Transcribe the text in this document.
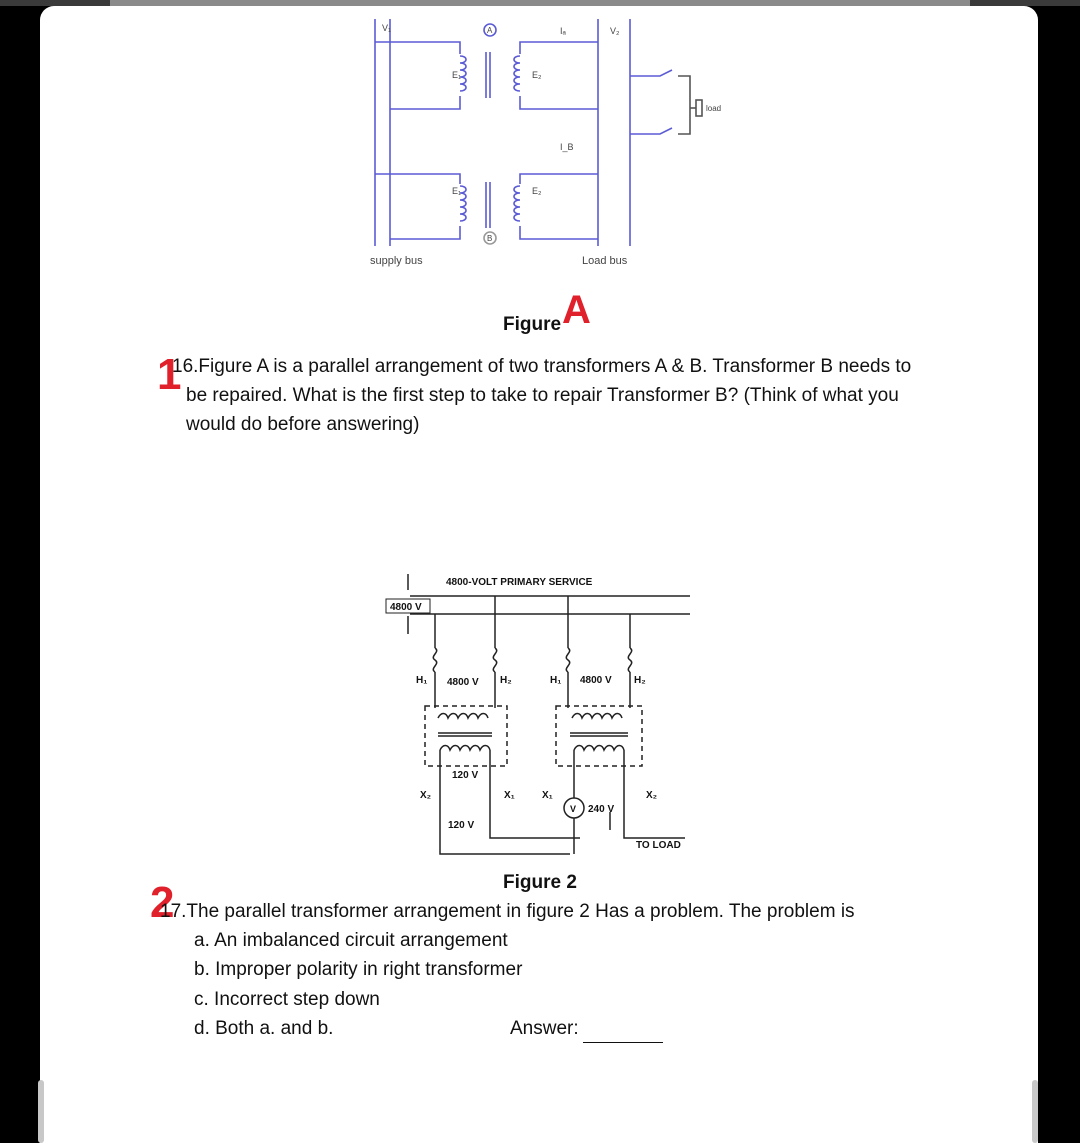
V₁	A	Iₐ	V₂
E₁	E₂
I_B
E₁	E₂
B
load
supply bus	Load bus
Figure A
1
16.Figure A is a parallel arrangement of two transformers A & B. Transformer B needs to
be repaired. What is the first step to take to repair Transformer B? (Think of what you
would do before answering)
4800-VOLT PRIMARY SERVICE
4800 V
H₁ 4800 V H₂	H₁ 4800 V H₂
120 V
X₂	X₁	X₁	X₂
120 V
V 240 V
TO LOAD
Figure 2
2
17.The parallel transformer arrangement in figure 2 Has a problem. The problem is
a. An imbalanced circuit arrangement
b. Improper polarity in right transformer
c. Incorrect step down
d. Both a. and b.	Answer:
